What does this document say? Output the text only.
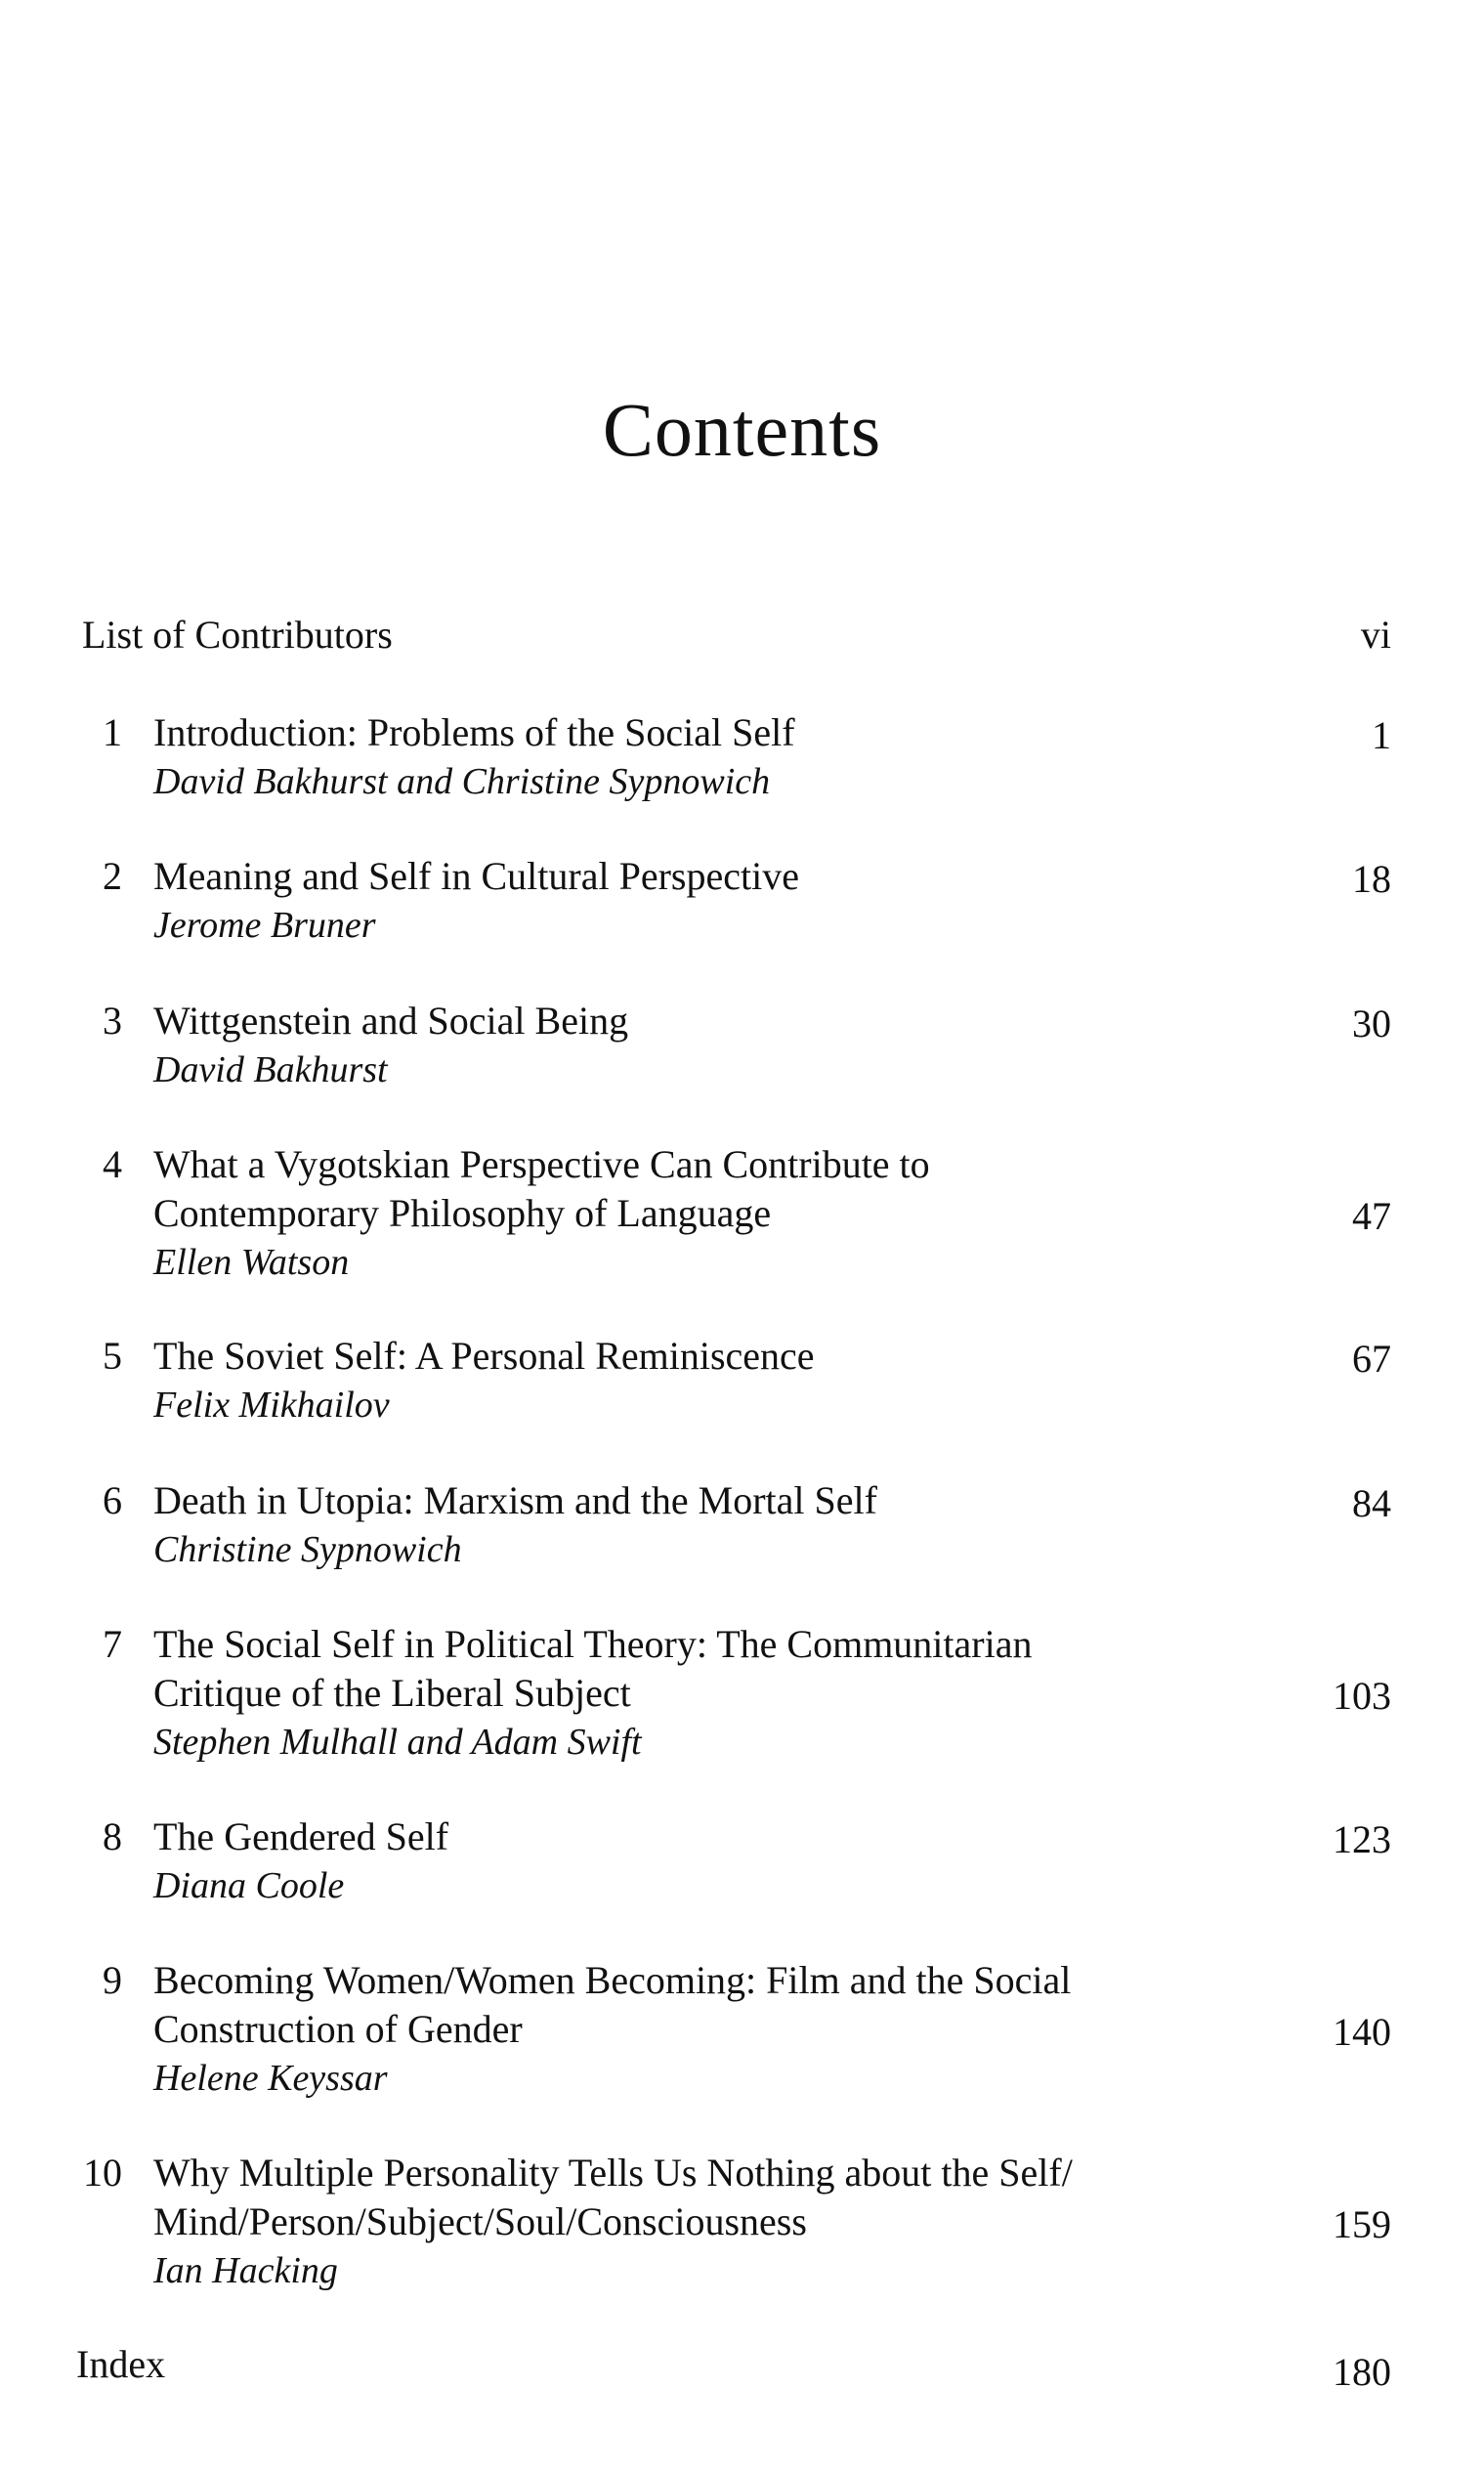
Contents
List of Contributors	vi
1 Introduction: Problems of the Social Self
David Bakhurst and Christine Sypnowich
1
2 Meaning and Self in Cultural Perspective
Jerome Bruner
18
3 Wittgenstein and Social Being
David Bakhurst
30
4 What a Vygotskian Perspective Can Contribute to
Contemporary Philosophy of Language
Ellen Watson
47
5 The Soviet Self: A Personal Reminiscence
Felix Mikhailov
67
6 Death in Utopia: Marxism and the Mortal Self
Christine Sypnowich
84
7 The Social Self in Political Theory: The Communitarian
Critique of the Liberal Subject
Stephen Mulhall and Adam Swift
103
8 The Gendered Self
Diana Coole
123
9 Becoming Women/Women Becoming: Film and the Social
Construction of Gender
Helene Keyssar
140
10 Why Multiple Personality Tells Us Nothing about the Self/
Mind/Person/Subject/Soul/Consciousness
Ian Hacking
159
Index	180
